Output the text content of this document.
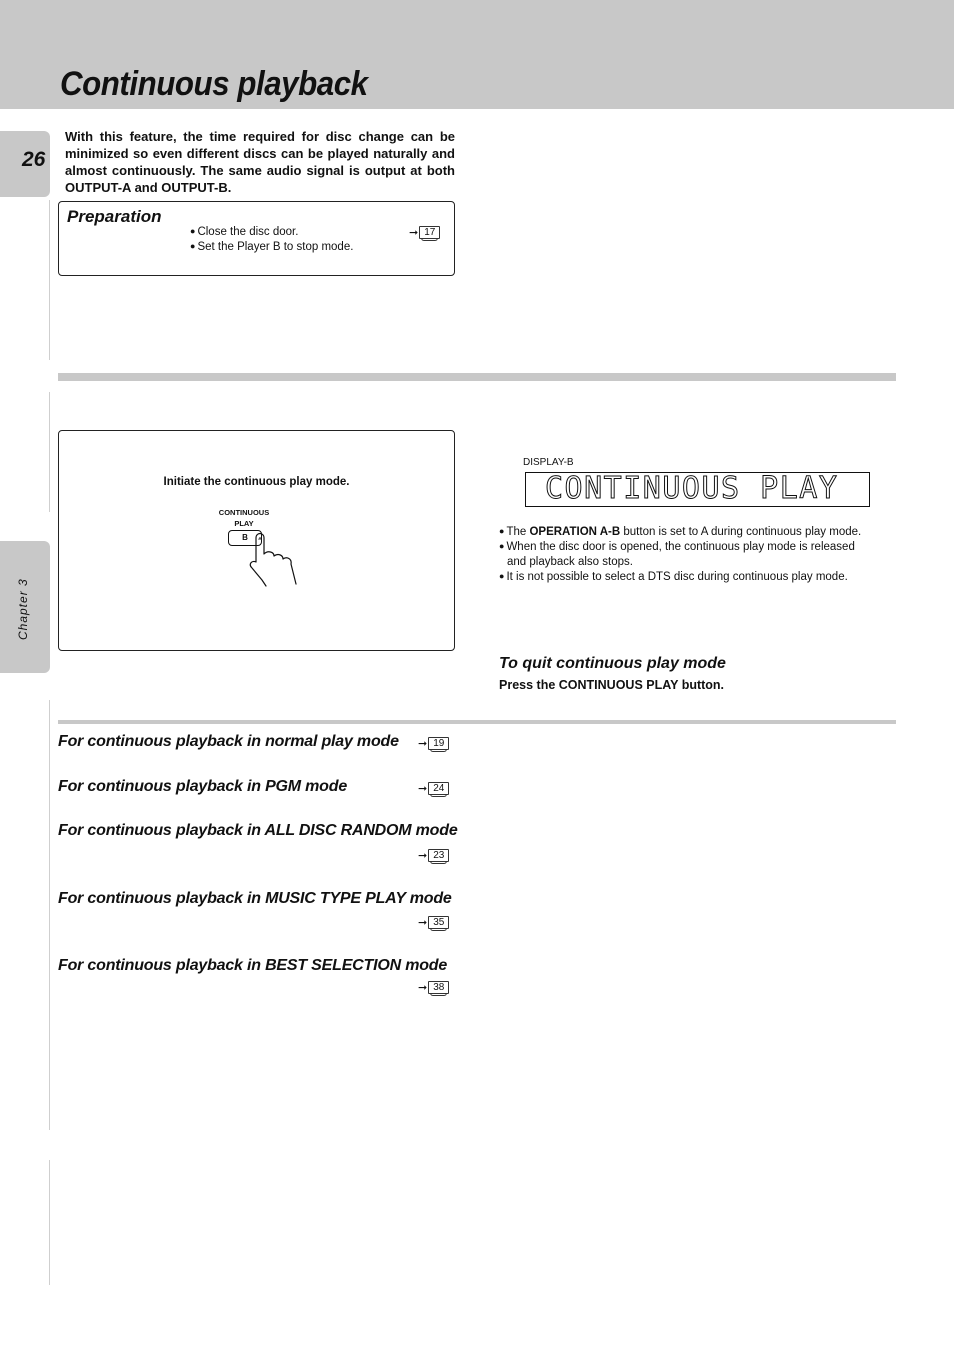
Continuous playback
26
Chapter 3
With this feature, the time required for disc change can be minimized so even different discs can be played naturally and almost continuously. The same audio signal is output at both OUTPUT-A and OUTPUT-B.
Preparation
● Close the disc door.	➞ 17
● Set the Player B to stop mode.
Initiate the continuous play mode.
CONTINUOUS
PLAY
B
DISPLAY-B
CONTINUOUS PLAY
● The OPERATION A-B button is set to A during continuous play mode.
● When the disc door is opened, the continuous play mode is released
and playback also stops.
● It is not possible to select a DTS disc during continuous play mode.
To quit continuous play mode
Press the CONTINUOUS PLAY button.
For continuous playback in normal play mode ➞ 19
For continuous playback in PGM mode	➞ 24
For continuous playback in ALL DISC RANDOM mode
➞ 23
For continuous playback in MUSIC TYPE PLAY mode
➞ 35
For continuous playback in BEST SELECTION mode
➞ 38
